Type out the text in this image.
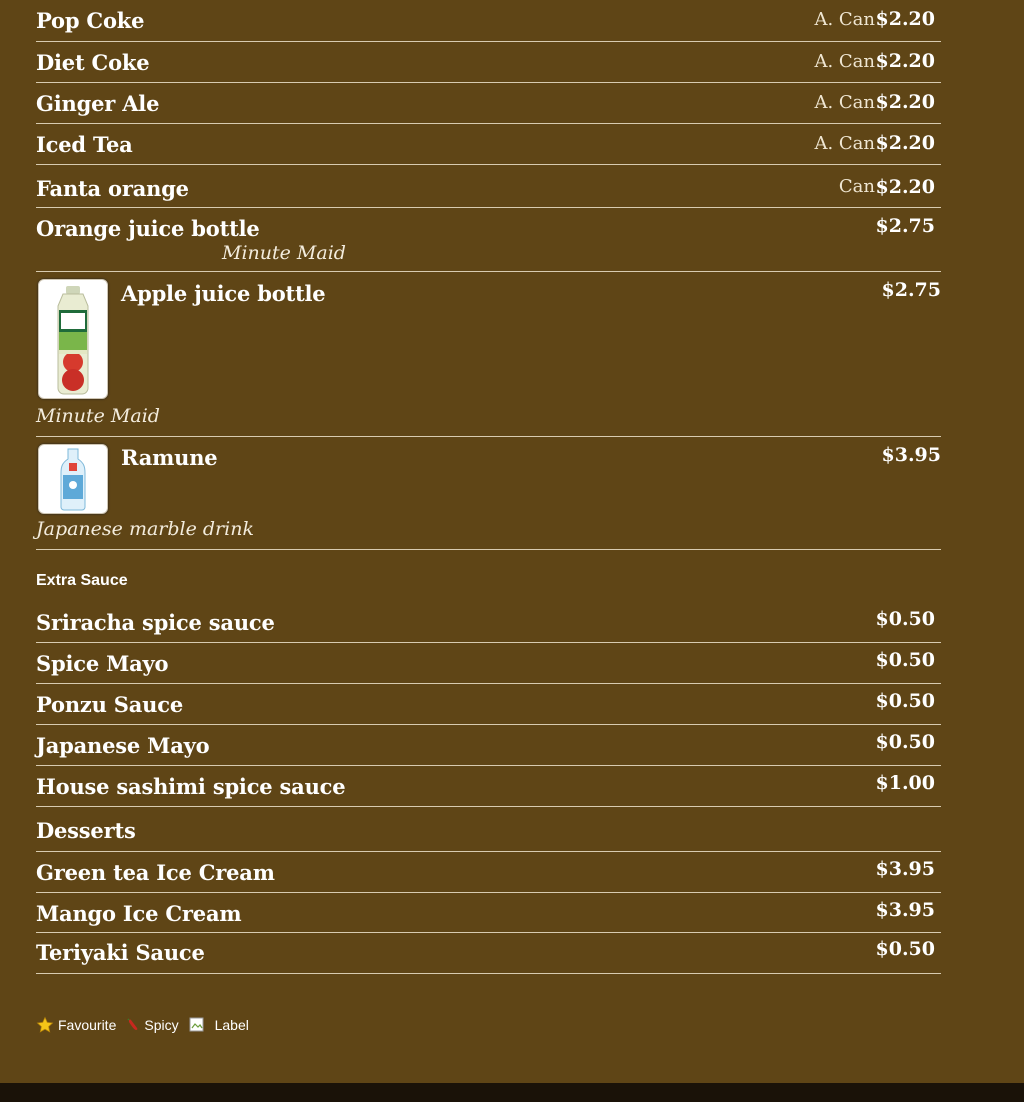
Pop Coke	A. Can $2.20
Diet Coke	A. Can $2.20
Ginger Ale	A. Can $2.20
Iced Tea	A. Can $2.20
Fanta orange	Can $2.20
Orange juice bottle	$2.75
Minute Maid
Apple juice bottle	$2.75
Minute Maid
Ramune	$3.95
Japanese marble drink
Extra Sauce
Sriracha spice sauce	$0.50
Spice Mayo	$0.50
Ponzu Sauce	$0.50
Japanese Mayo	$0.50
House sashimi spice sauce	$1.00
Desserts
Green tea Ice Cream	$3.95
Mango Ice Cream	$3.95
Teriyaki Sauce	$0.50
Favourite Spicy	Label
